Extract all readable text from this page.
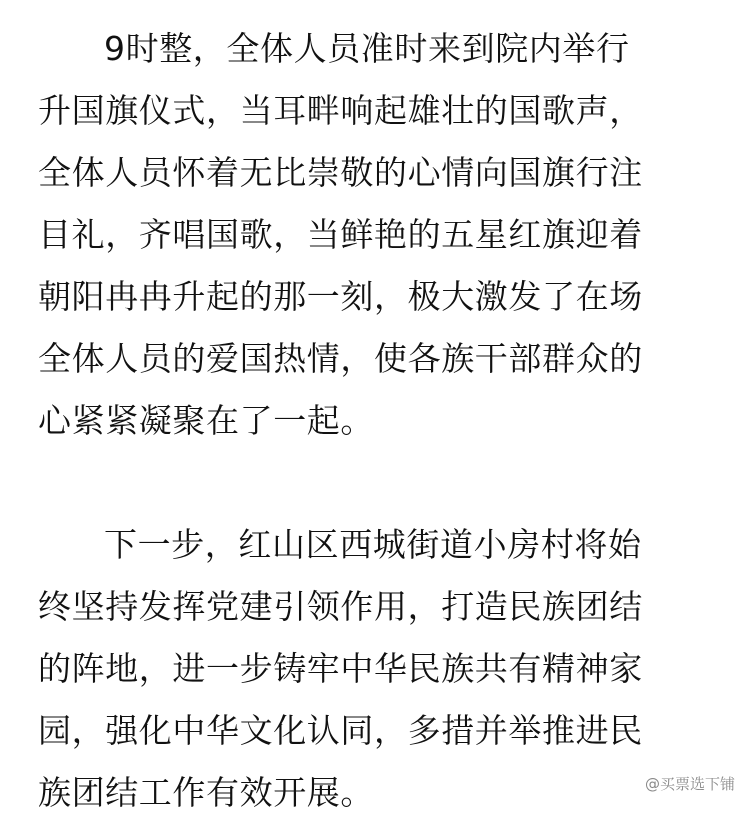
9时整，全体人员准时来到院内举行
升国旗仪式，当耳畔响起雄壮的国歌声，
全体人员怀着无比崇敬的心情向国旗行注
目礼，齐唱国歌，当鲜艳的五星红旗迎着
朝阳冉冉升起的那一刻，极大激发了在场
全体人员的爱国热情，使各族干部群众的
心紧紧凝聚在了一起。

下一步，红山区西城街道小房村将始
终坚持发挥党建引领作用，打造民族团结
的阵地，进一步铸牢中华民族共有精神家
园，强化中华文化认同，多措并举推进民
族团结工作有效开展。	@买票选下铺
